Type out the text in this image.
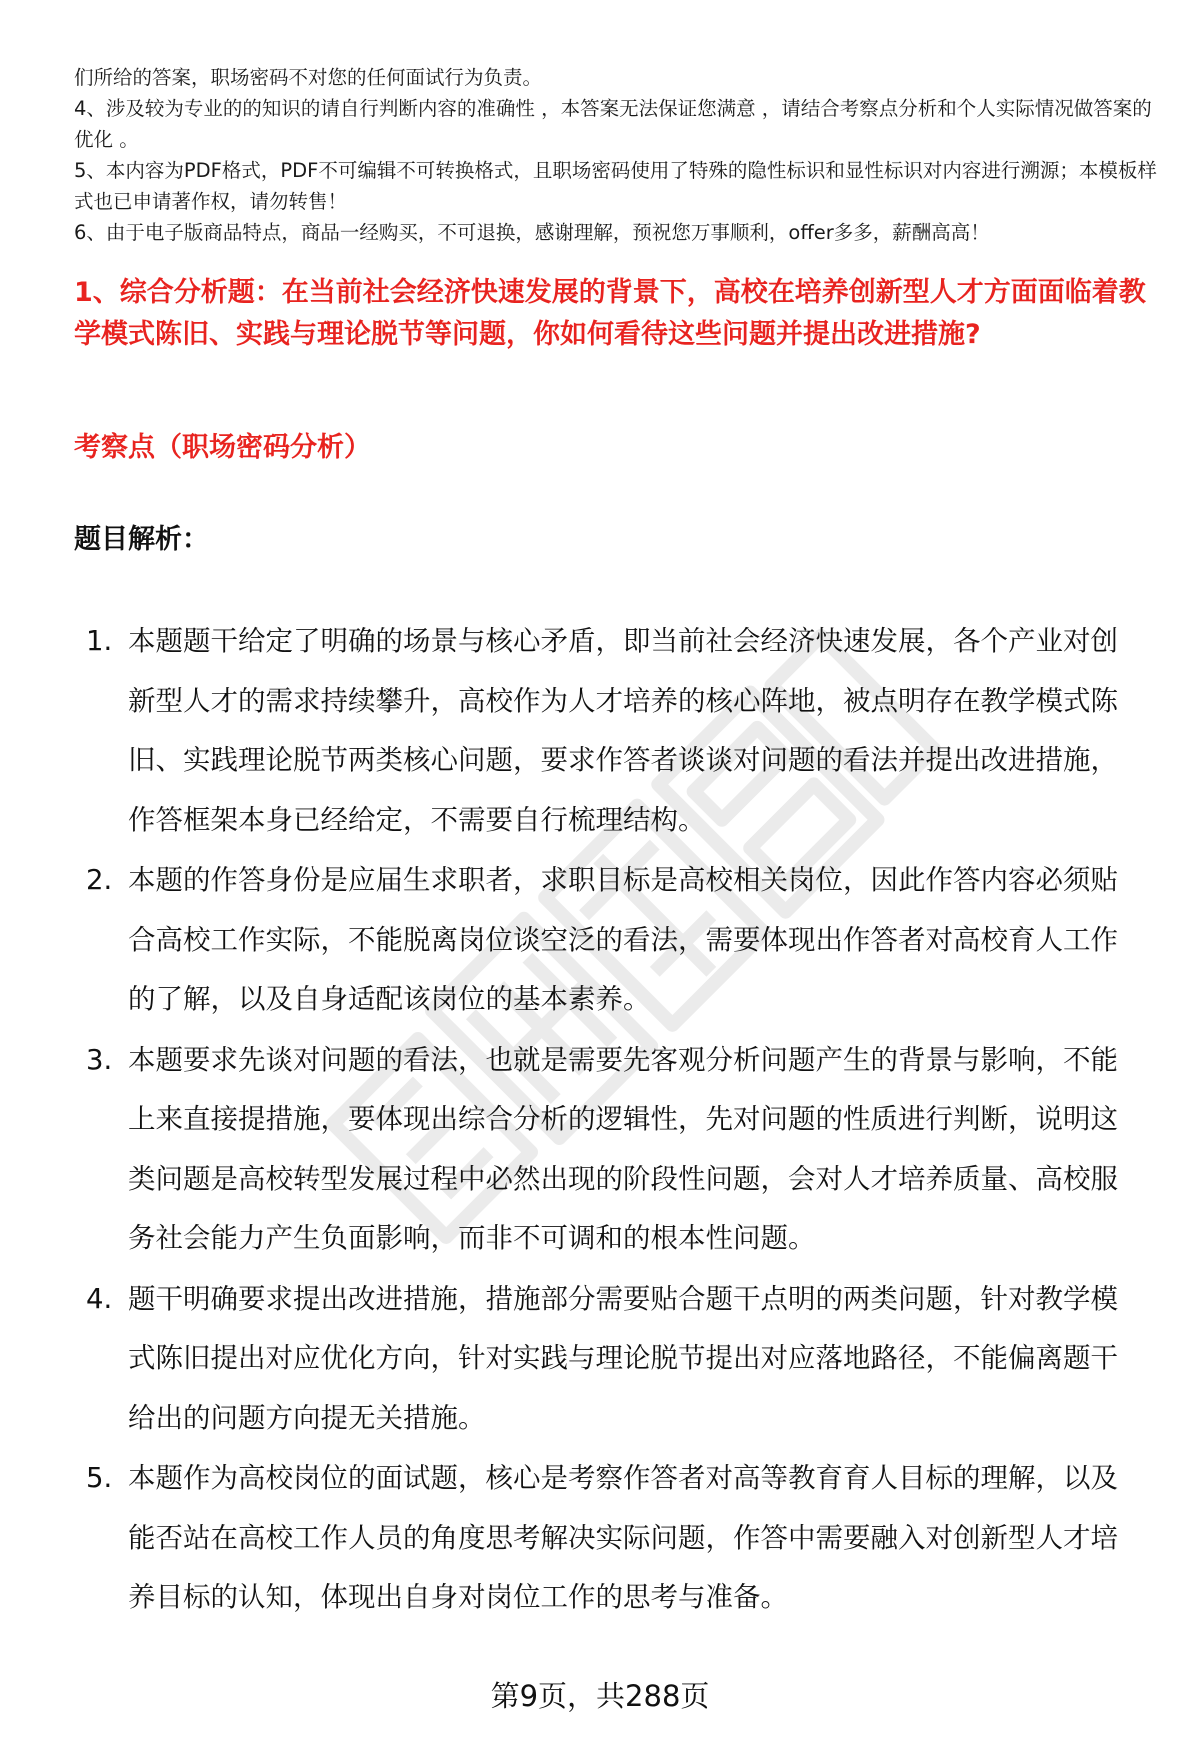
们所给的答案，职场密码不对您的任何面试行为负责。

4、涉及较为专业的的知识的请自行判断内容的准确性 ，本答案无法保证您满意 ，请结合考察点分析和个人实际情况做答案的优化 。

5、本内容为PDF格式，PDF不可编辑不可转换格式，且职场密码使用了特殊的隐性标识和显性标识对内容进行溯源；本模板样式也已申请著作权，请勿转售！

6、由于电子版商品特点，商品一经购买，不可退换，感谢理解，预祝您万事顺利，offer多多，薪酬高高！

1、综合分析题：在当前社会经济快速发展的背景下，高校在培养创新型人才方面面临着教学模式陈旧、实践与理论脱节等问题，你如何看待这些问题并提出改进措施?
考察点（职场密码分析）
题目解析：
1. 本题题干给定了明确的场景与核心矛盾，即当前社会经济快速发展，各个产业对创新型人才的需求持续攀升，高校作为人才培养的核心阵地，被点明存在教学模式陈旧、实践理论脱节两类核心问题，要求作答者谈谈对问题的看法并提出改进措施，作答框架本身已经给定，不需要自行梳理结构。
2. 本题的作答身份是应届生求职者，求职目标是高校相关岗位，因此作答内容必须贴合高校工作实际，不能脱离岗位谈空泛的看法，需要体现出作答者对高校育人工作的了解，以及自身适配该岗位的基本素养。
3. 本题要求先谈对问题的看法，也就是需要先客观分析问题产生的背景与影响，不能上来直接提措施，要体现出综合分析的逻辑性，先对问题的性质进行判断，说明这类问题是高校转型发展过程中必然出现的阶段性问题，会对人才培养质量、高校服务社会能力产生负面影响，而非不可调和的根本性问题。
4. 题干明确要求提出改进措施，措施部分需要贴合题干点明的两类问题，针对教学模式陈旧提出对应优化方向，针对实践与理论脱节提出对应落地路径，不能偏离题干给出的问题方向提无关措施。
5. 本题作为高校岗位的面试题，核心是考察作答者对高等教育育人目标的理解，以及能否站在高校工作人员的角度思考解决实际问题，作答中需要融入对创新型人才培养目标的认知，体现出自身对岗位工作的思考与准备。
第9页，共288页
